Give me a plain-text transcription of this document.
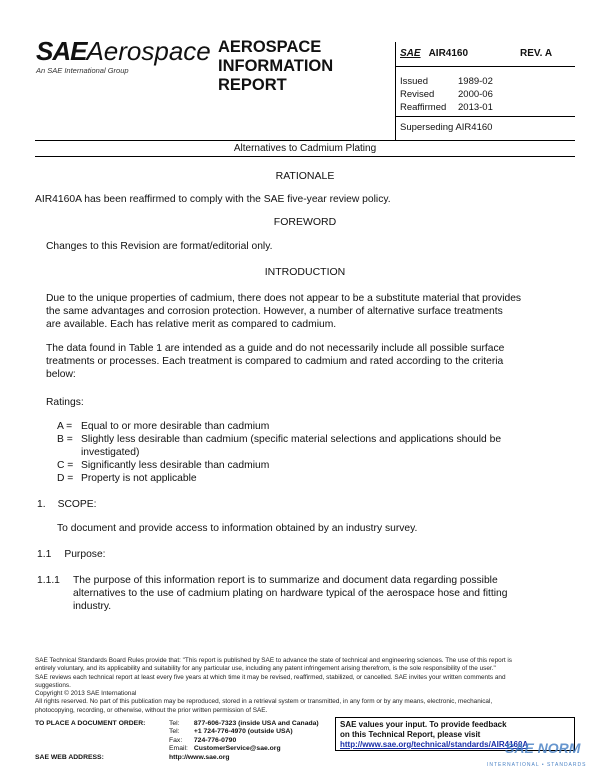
SAEAerospace
An SAE International Group
AEROSPACE
INFORMATION
REPORT
SAE AIR4160	REV. A
Issued	1989-02
Revised 2000-06
Reaffirmed 2013-01
Superseding AIR4160
Alternatives to Cadmium Plating
RATIONALE
AIR4160A has been reaffirmed to comply with the SAE five-year review policy.
FOREWORD
Changes to this Revision are format/editorial only.
INTRODUCTION
Due to the unique properties of cadmium, there does not appear to be a substitute material that provides
the same advantages and corrosion protection. However, a number of alternative surface treatments
are available. Each has relative merit as compared to cadmium.
The data found in Table 1 are intended as a guide and do not necessarily include all possible surface
treatments or processes. Each treatment is compared to cadmium and rated according to the criteria
below:
Ratings:
A = Equal to or more desirable than cadmium
B = Slightly less desirable than cadmium (specific material selections and applications should be
investigated)
C = Significantly less desirable than cadmium
D = Property is not applicable
1. SCOPE:
To document and provide access to information obtained by an industry survey.
1.1 Purpose:
1.1.1 The purpose of this information report is to summarize and document data regarding possible
alternatives to the use of cadmium plating on hardware typical of the aerospace hose and fitting
industry.
SAE Technical Standards Board Rules provide that: "This report is published by SAE to advance the state of technical and engineering sciences. The use of this report is
entirely voluntary, and its applicability and suitability for any particular use, including any patent infringement arising therefrom, is the sole responsibility of the user."
SAE reviews each technical report at least every five years at which time it may be revised, reaffirmed, stabilized, or cancelled. SAE invites your written comments and
suggestions.
Copyright © 2013 SAE International
All rights reserved. No part of this publication may be reproduced, stored in a retrieval system or transmitted, in any form or by any means, electronic, mechanical,
photocopying, recording, or otherwise, without the prior written permission of SAE.
TO PLACE A DOCUMENT ORDER:	Tel:	877-606-7323 (inside USA and Canada)
	Tel:	+1 724-776-4970 (outside USA)
	Fax:	724-776-0790
	Email:	CustomerService@sae.org
SAE WEB ADDRESS:	http://www.sae.org	
SAE values your input. To provide feedback
on this Technical Report, please visit
http://www.sae.org/technical/standards/AIR4160A
SAE NORM
INTERNATIONAL • STANDARDS
